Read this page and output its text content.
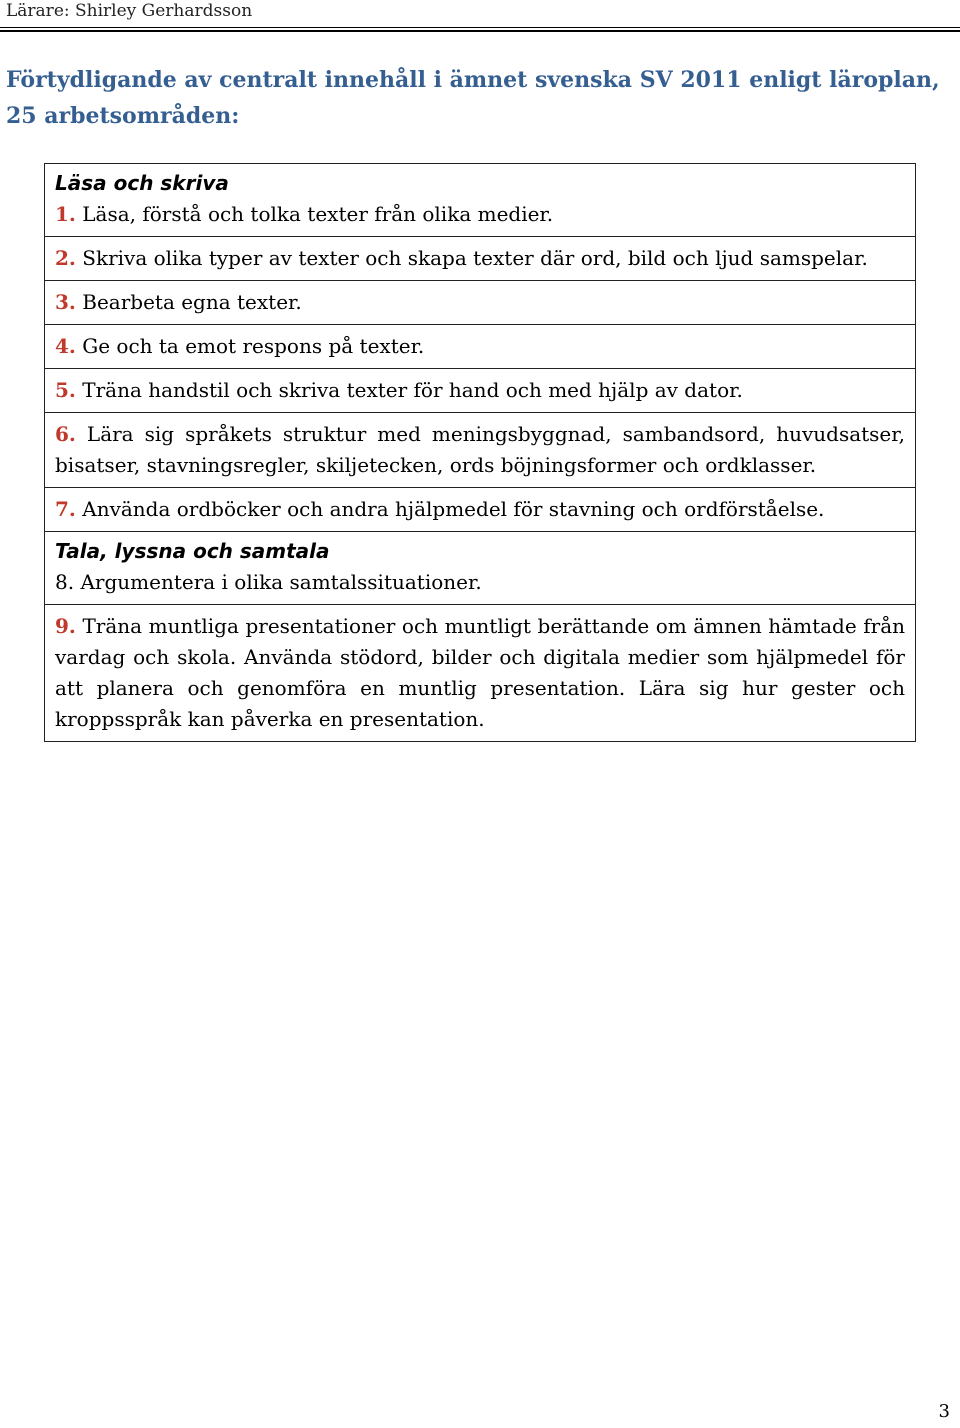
Lärare: Shirley Gerhardsson
Förtydligande av centralt innehåll i ämnet svenska SV 2011 enligt läroplan, 25 arbetsområden:
Läsa och skriva
1. Läsa, förstå och tolka texter från olika medier.
2. Skriva olika typer av texter och skapa texter där ord, bild och ljud samspelar.
3. Bearbeta egna texter.
4. Ge och ta emot respons på texter.
5. Träna handstil och skriva texter för hand och med hjälp av dator.
6. Lära sig språkets struktur med meningsbyggnad, sambandsord, huvudsatser, bisatser, stavningsregler, skiljetecken, ords böjningsformer och ordklasser.
7. Använda ordböcker och andra hjälpmedel för stavning och ordförståelse.

Tala, lyssna och samtala
8. Argumentera i olika samtalssituationer.
9. Träna muntliga presentationer och muntligt berättande om ämnen hämtade från vardag och skola. Använda stödord, bilder och digitala medier som hjälpmedel för att planera och genomföra en muntlig presentation. Lära sig hur gester och kroppsspråk kan påverka en presentation.
3
